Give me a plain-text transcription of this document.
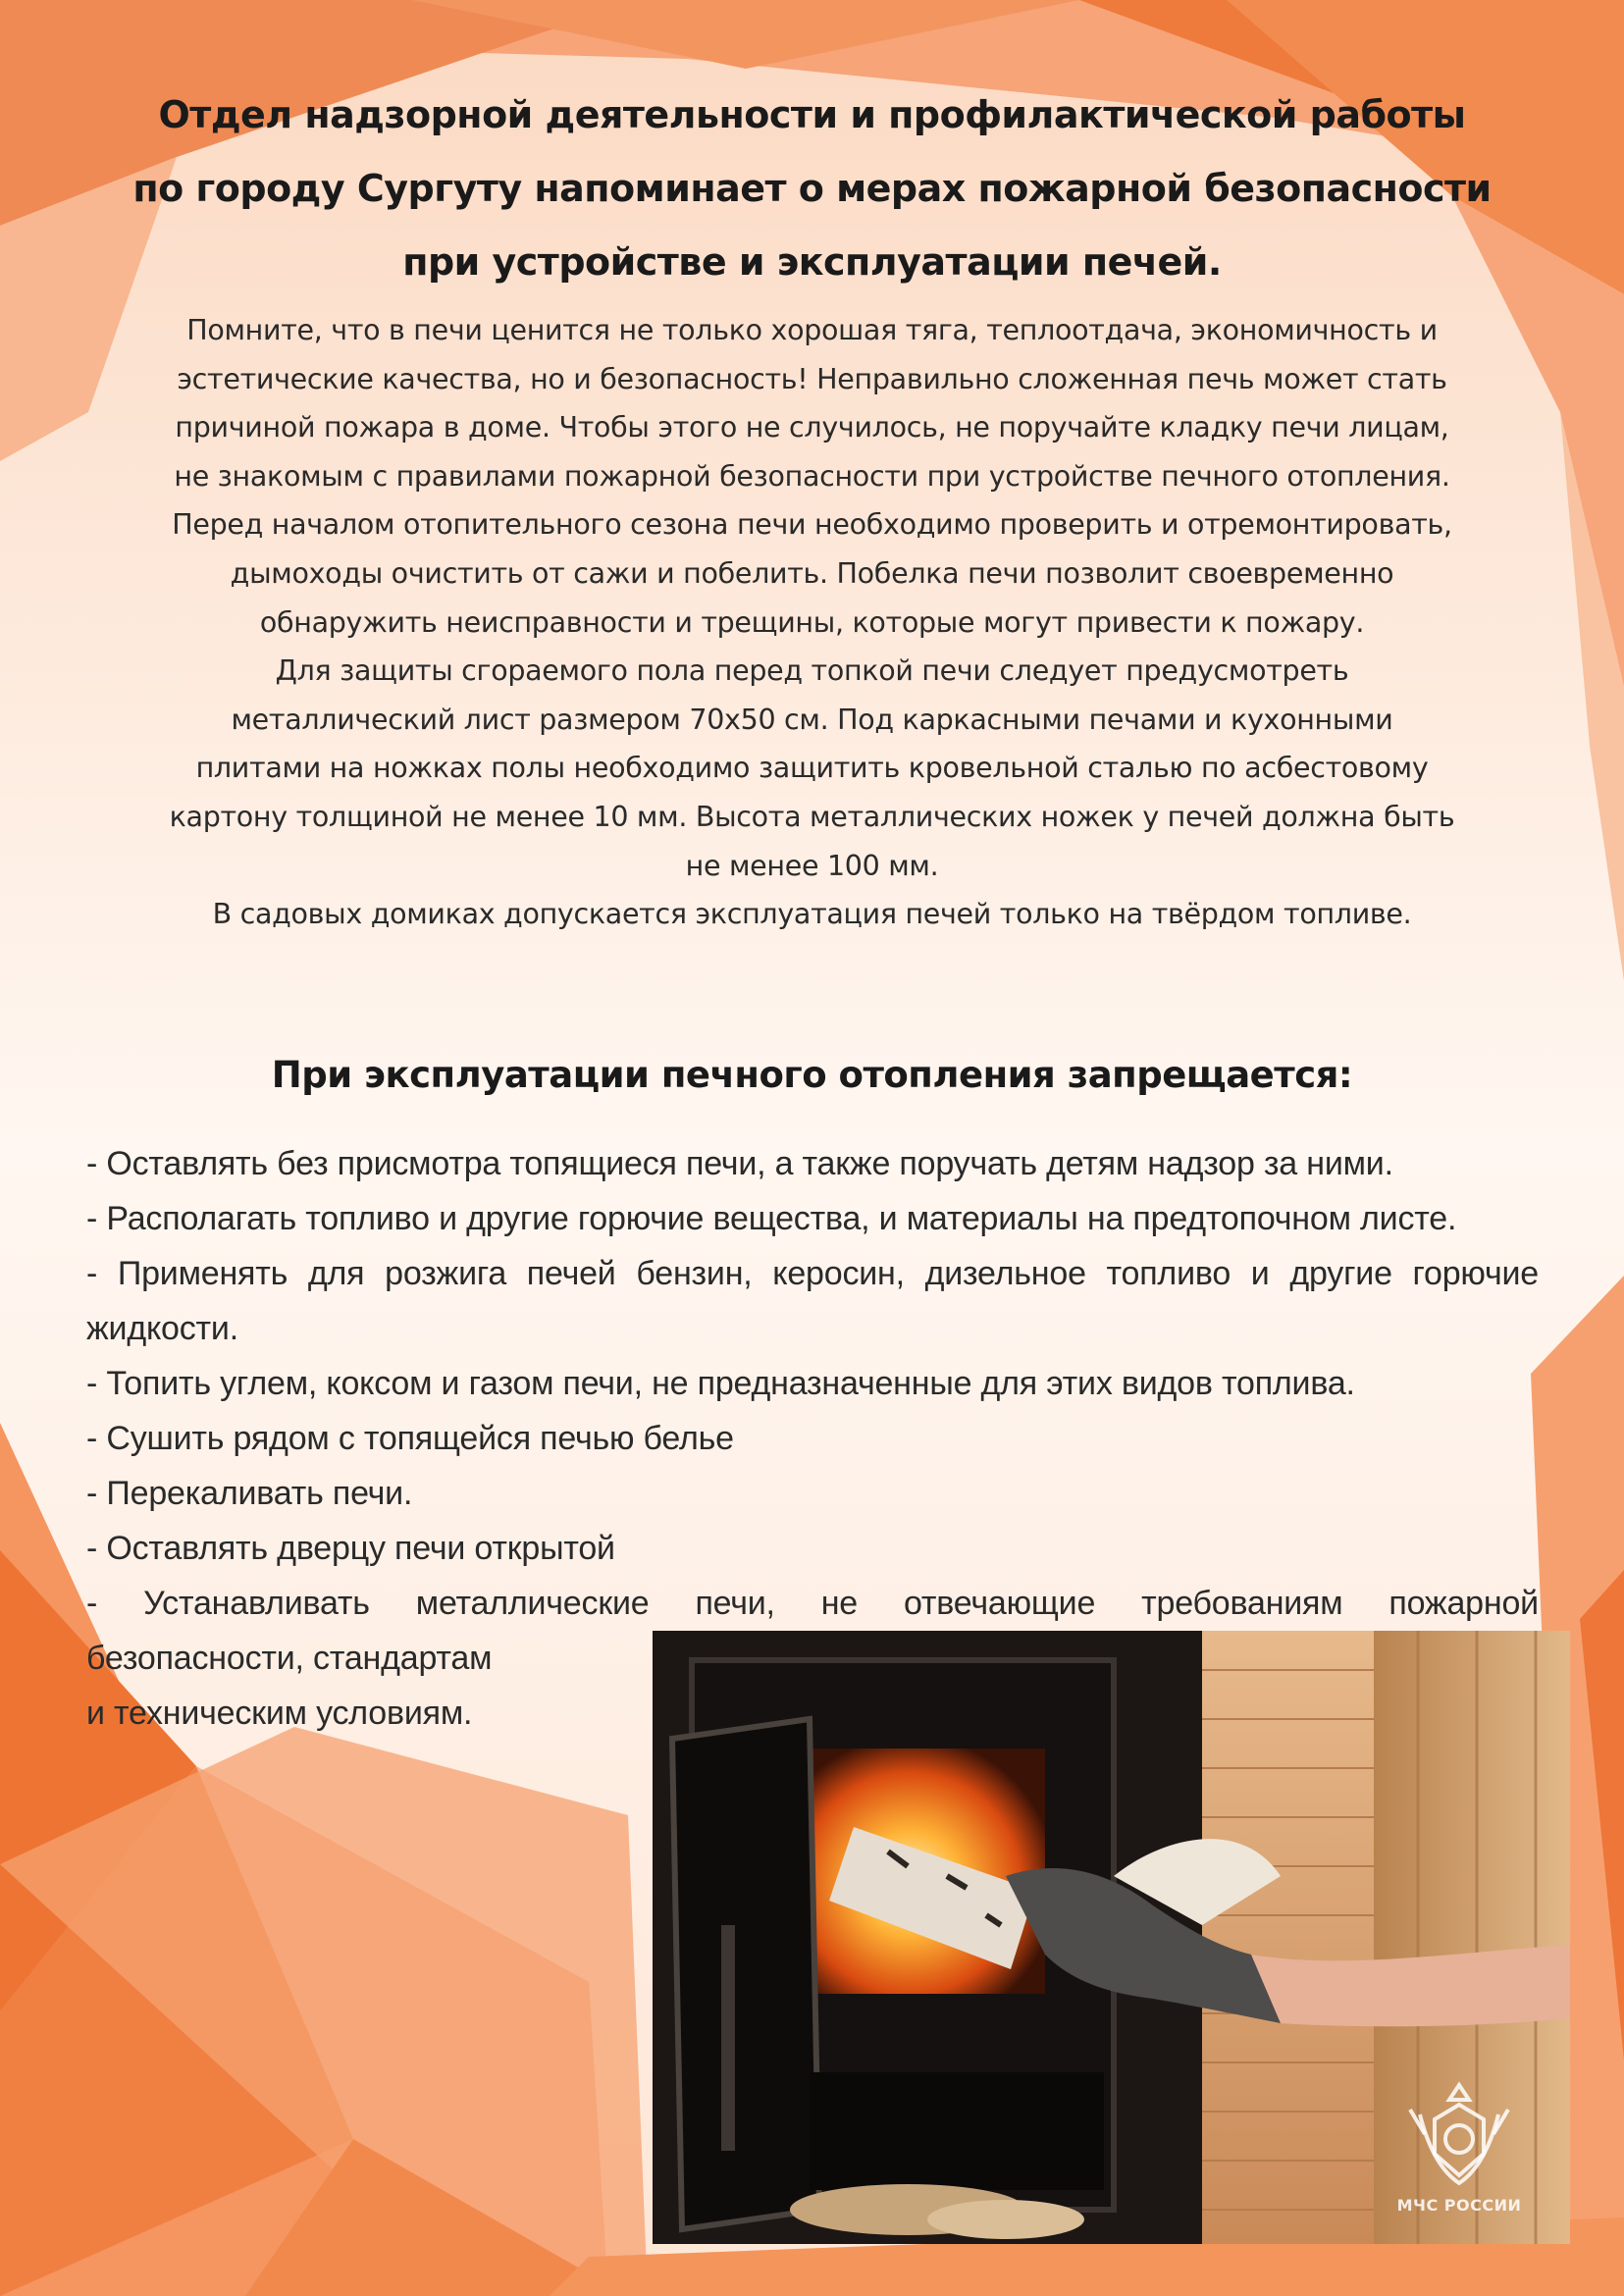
Отдел надзорной деятельности и профилактической работы
по городу Сургуту напоминает о мерах пожарной безопасности
при устройстве и эксплуатации печей.
Помните, что в печи ценится не только хорошая тяга, теплоотдача, экономичность и
эстетические качества, но и безопасность! Неправильно сложенная печь может стать
причиной пожара в доме. Чтобы этого не случилось, не поручайте кладку печи лицам,
не знакомым с правилами пожарной безопасности при устройстве печного отопления.
Перед началом отопительного сезона печи необходимо проверить и отремонтировать,
дымоходы очистить от сажи и побелить. Побелка печи позволит своевременно
обнаружить неисправности и трещины, которые могут привести к пожару.
Для защиты сгораемого пола перед топкой печи следует предусмотреть
металлический лист размером 70х50 см. Под каркасными печами и кухонными
плитами на ножках полы необходимо защитить кровельной сталью по асбестовому
картону толщиной не менее 10 мм. Высота металлических ножек у печей должна быть
не менее 100 мм.
В садовых домиках допускается эксплуатация печей только на твёрдом топливе.
При эксплуатации печного отопления запрещается:
- Оставлять без присмотра топящиеся печи, а также поручать детям надзор за ними.
- Располагать топливо и другие горючие вещества, и материалы на предтопочном листе.
- Применять для розжига печей бензин, керосин, дизельное топливо и другие горючие
жидкости.
- Топить углем, коксом и газом печи, не предназначенные для этих видов топлива.
- Сушить рядом с топящейся печью белье
- Перекаливать печи.
- Оставлять дверцу печи открытой
- Устанавливать металлические печи, не отвечающие требованиям пожарной
безопасности, стандартам
и техническим условиям.
МЧС РОССИИ
